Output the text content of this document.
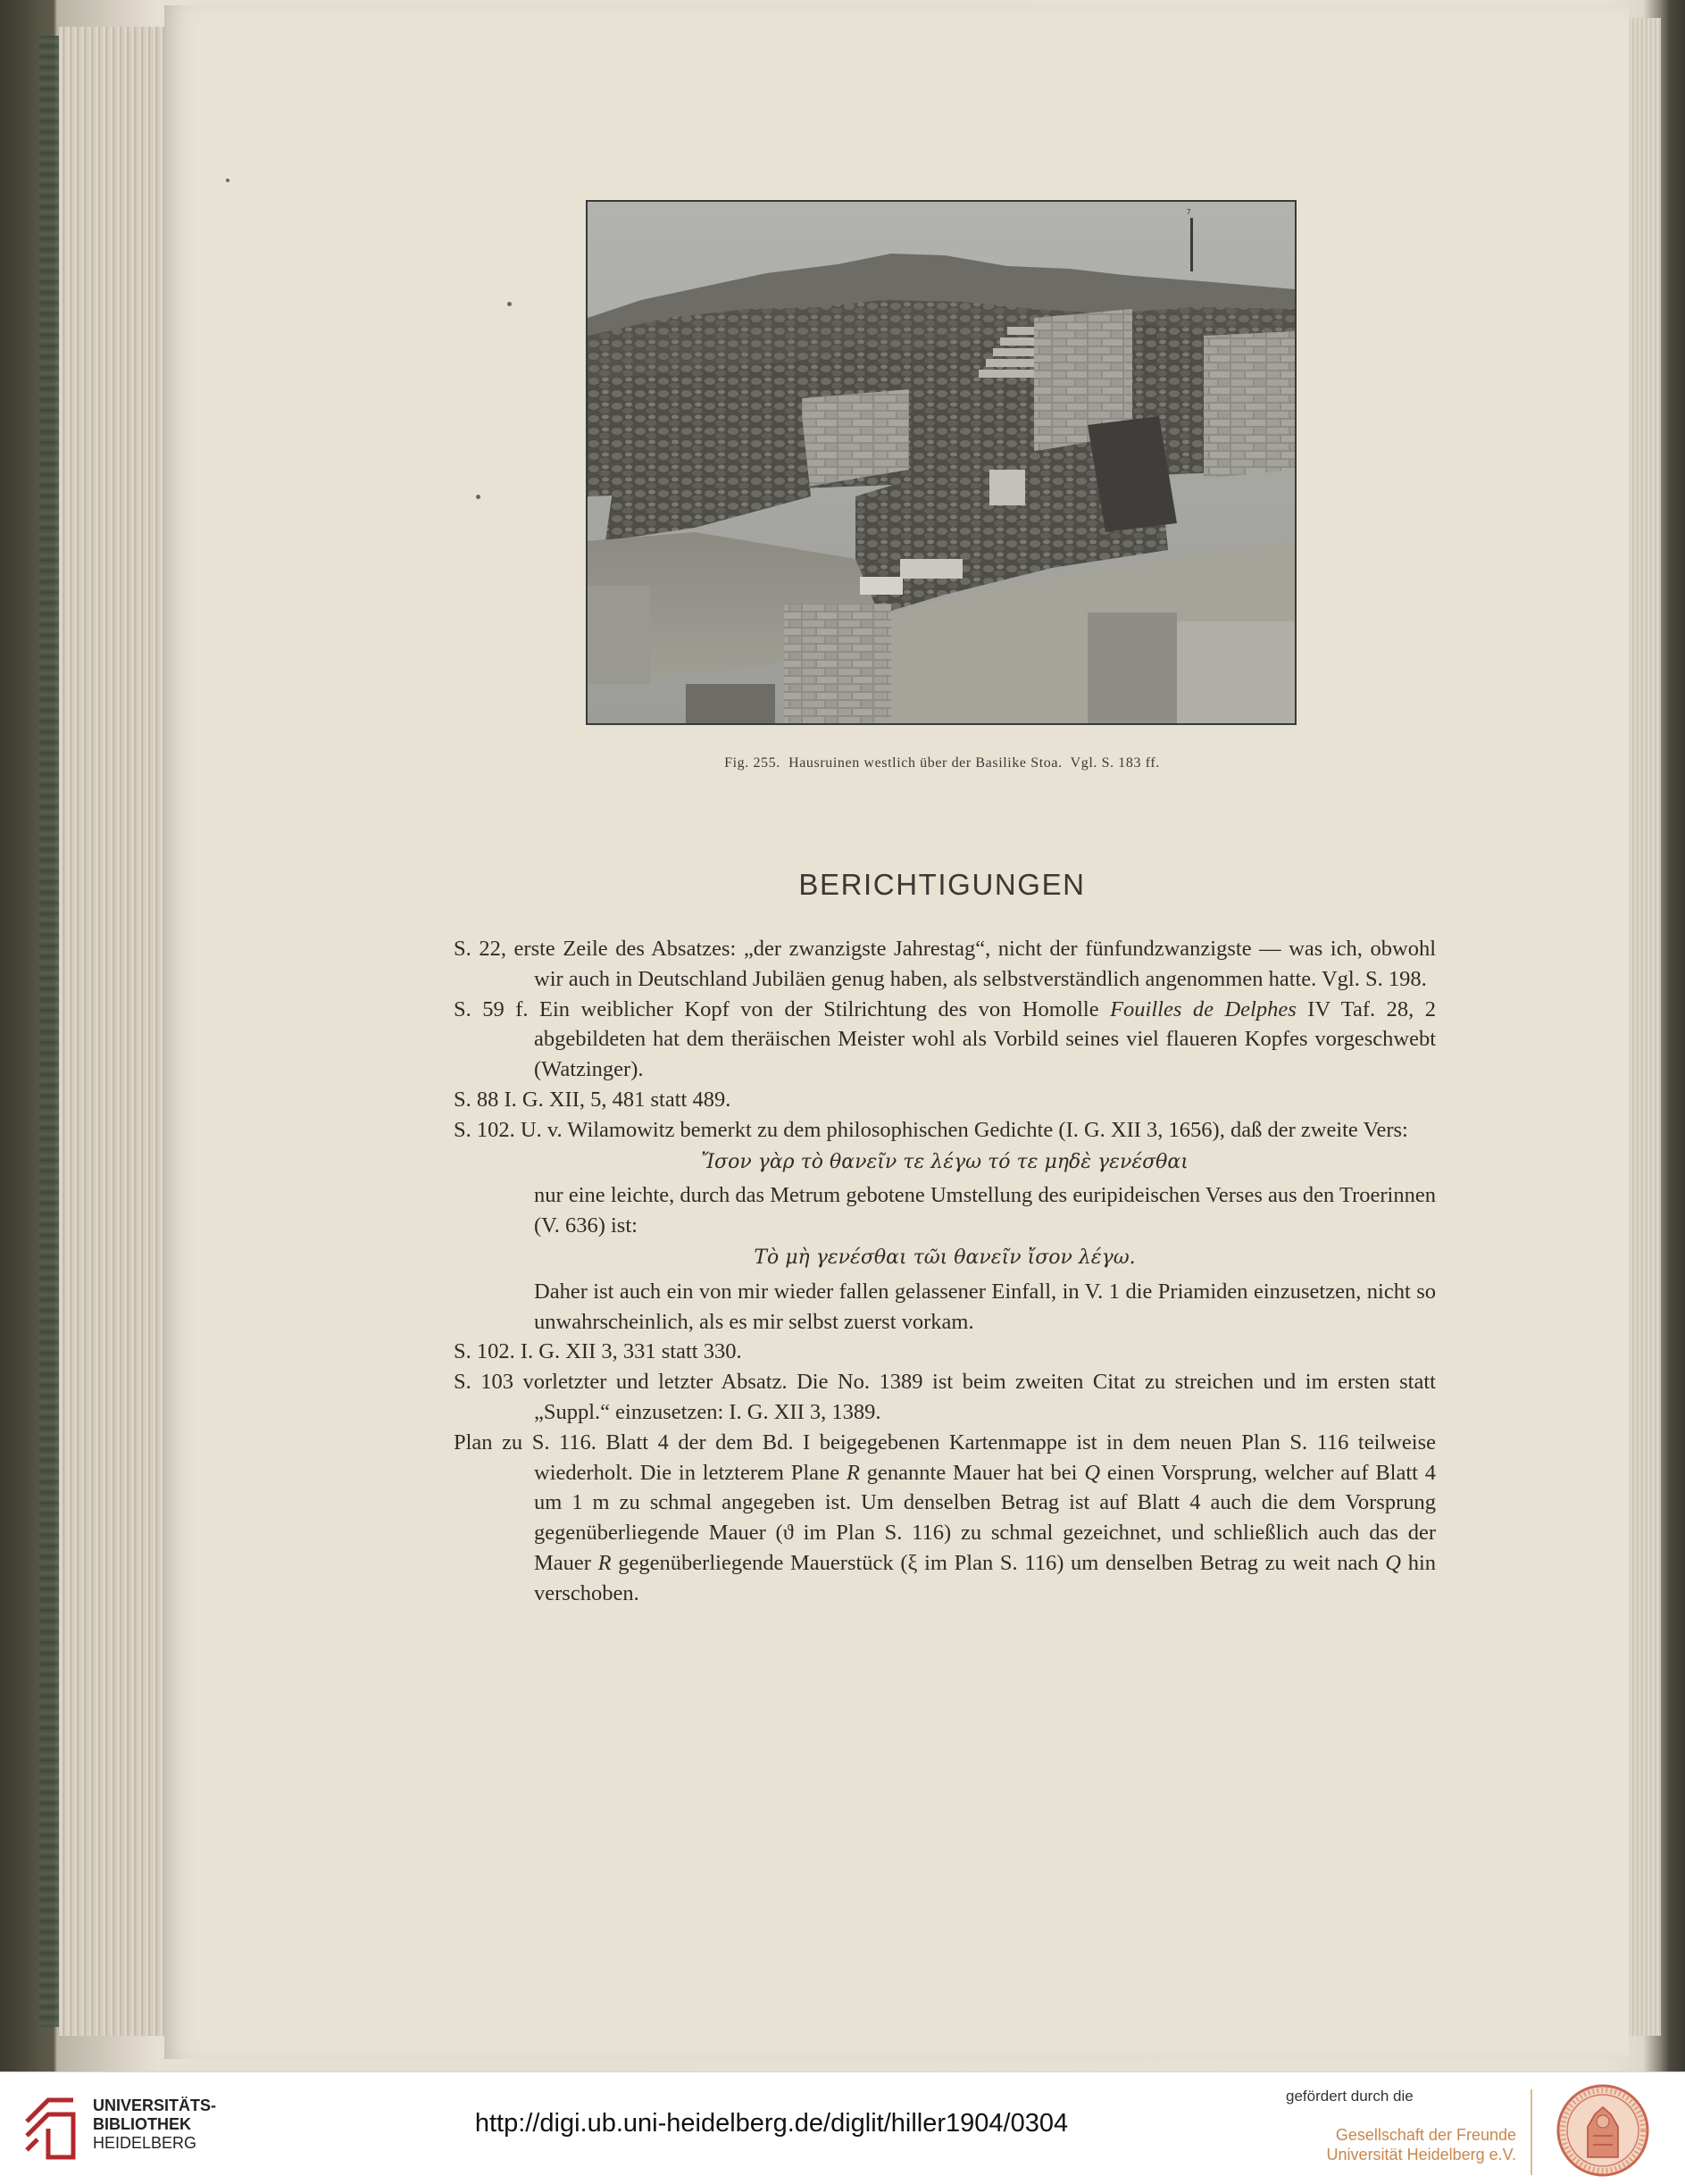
7
Fig. 255. Hausruinen westlich über der Basilike Stoa. Vgl. S. 183 ff.
BERICHTIGUNGEN

S. 22, erste Zeile des Absatzes: „der zwanzigste Jahrestag“, nicht der fünfundzwanzigste — was ich, obwohl wir auch in Deutschland Jubiläen genug haben, als selbstverständlich angenommen hatte. Vgl. S. 198.

S. 59 f. Ein weiblicher Kopf von der Stilrichtung des von Homolle Fouilles de Delphes IV Taf. 28, 2 abgebildeten hat dem theräischen Meister wohl als Vorbild seines viel flaueren Kopfes vorgeschwebt (Watzinger).

S. 88 I. G. XII, 5, 481 statt 489.

S. 102. U. v. Wilamowitz bemerkt zu dem philosophischen Gedichte (I. G. XII 3, 1656), daß der zweite Vers:

Ἴσον γὰρ τὸ θανεῖν τε λέγω τό τε μηδὲ γενέσθαι

nur eine leichte, durch das Metrum gebotene Umstellung des euripideischen Verses aus den Troerinnen (V. 636) ist:

Τὸ μὴ γενέσθαι τῶι θανεῖν ἴσον λέγω.

Daher ist auch ein von mir wieder fallen gelassener Einfall, in V. 1 die Priamiden einzusetzen, nicht so unwahrscheinlich, als es mir selbst zuerst vorkam.

S. 102. I. G. XII 3, 331 statt 330.

S. 103 vorletzter und letzter Absatz. Die No. 1389 ist beim zweiten Citat zu streichen und im ersten statt „Suppl.“ einzusetzen: I. G. XII 3, 1389.

Plan zu S. 116. Blatt 4 der dem Bd. I beigegebenen Kartenmappe ist in dem neuen Plan S. 116 teilweise wiederholt. Die in letzterem Plane R genannte Mauer hat bei Q einen Vorsprung, welcher auf Blatt 4 um 1 m zu schmal angegeben ist. Um denselben Betrag ist auf Blatt 4 auch die dem Vorsprung gegenüberliegende Mauer (ϑ im Plan S. 116) zu schmal gezeichnet, und schließlich auch das der Mauer R gegenüberliegende Mauerstück (ξ im Plan S. 116) um denselben Betrag zu weit nach Q hin verschoben.

UNIVERSITÄTS-
BIBLIOTHEK
HEIDELBERG
http://digi.ub.uni-heidelberg.de/diglit/hiller1904/0304
gefördert durch die
Gesellschaft der Freunde
Universität Heidelberg e.V.
